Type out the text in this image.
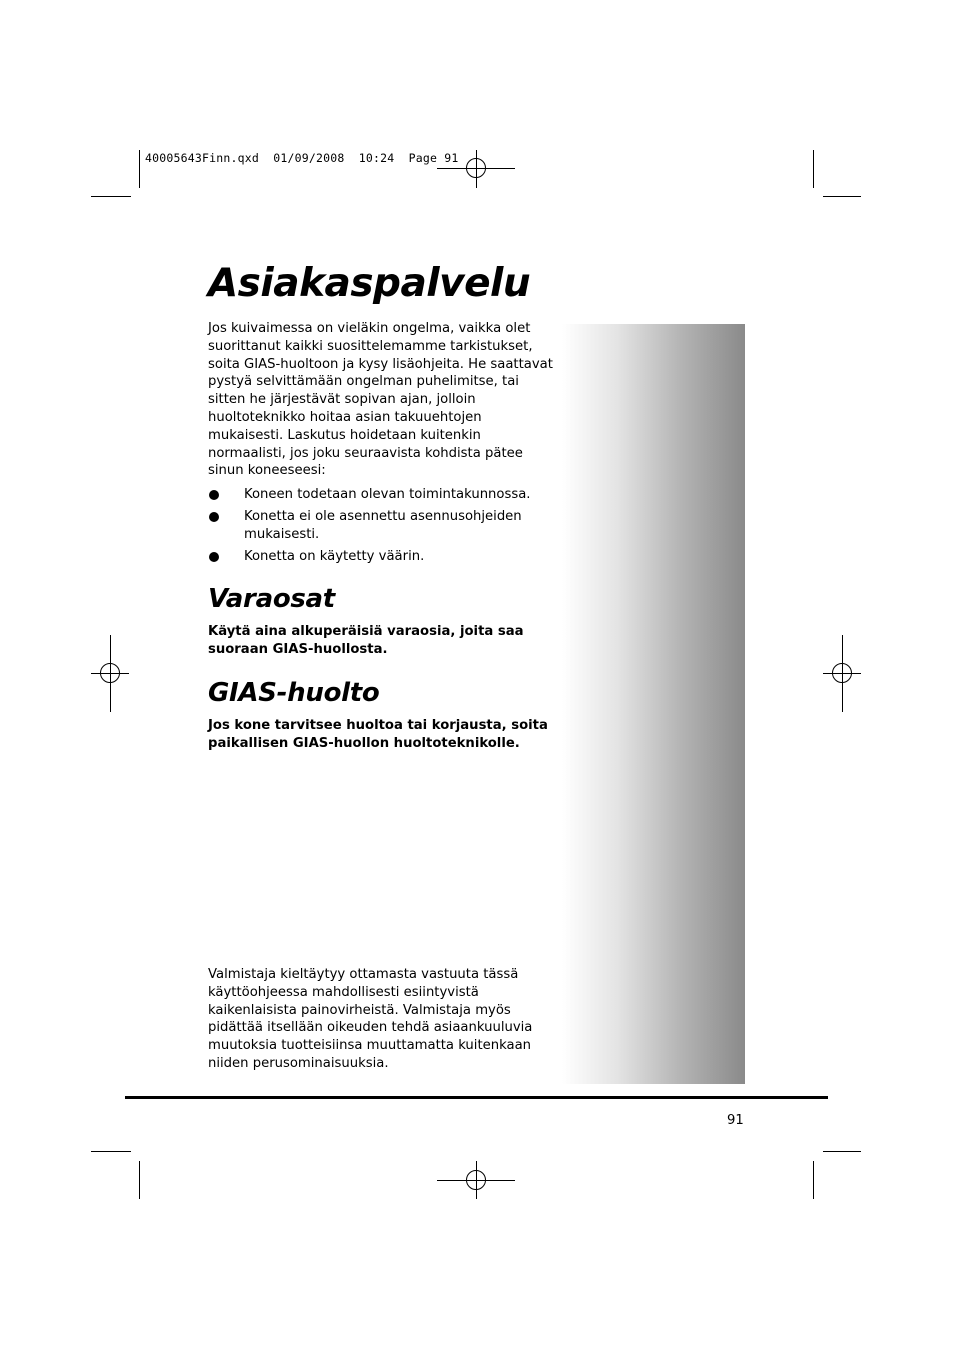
40005643Finn.qxd  01/09/2008  10:24  Page 91
Asiakaspalvelu

Jos kuivaimessa on vieläkin ongelma, vaikka olet suorittanut kaikki suosittelemamme tarkistukset, soita GIAS-huoltoon ja kysy lisäohjeita. He saattavat pystyä selvittämään ongelman puhelimitse, tai sitten he järjestävät sopivan ajan, jolloin huoltoteknikko hoitaa asian takuuehtojen mukaisesti. Laskutus hoidetaan kuitenkin normaalisti, jos joku seuraavista kohdista pätee sinun koneeseesi:

Koneen todetaan olevan toimintakunnossa.
Konetta ei ole asennettu asennusohjeiden mukaisesti.
Konetta on käytetty väärin.
Varaosat

Käytä aina alkuperäisiä varaosia, joita saa suoraan GIAS-huollosta.

GIAS-huolto

Jos kone tarvitsee huoltoa tai korjausta, soita paikallisen GIAS-huollon huoltoteknikolle.

Valmistaja kieltäytyy ottamasta vastuuta tässä käyttöohjeessa mahdollisesti esiintyvistä kaikenlaisista painovirheistä. Valmistaja myös pidättää itsellään oikeuden tehdä asiaankuuluvia muutoksia tuotteisiinsa muuttamatta kuitenkaan niiden perusominaisuuksia.

91
